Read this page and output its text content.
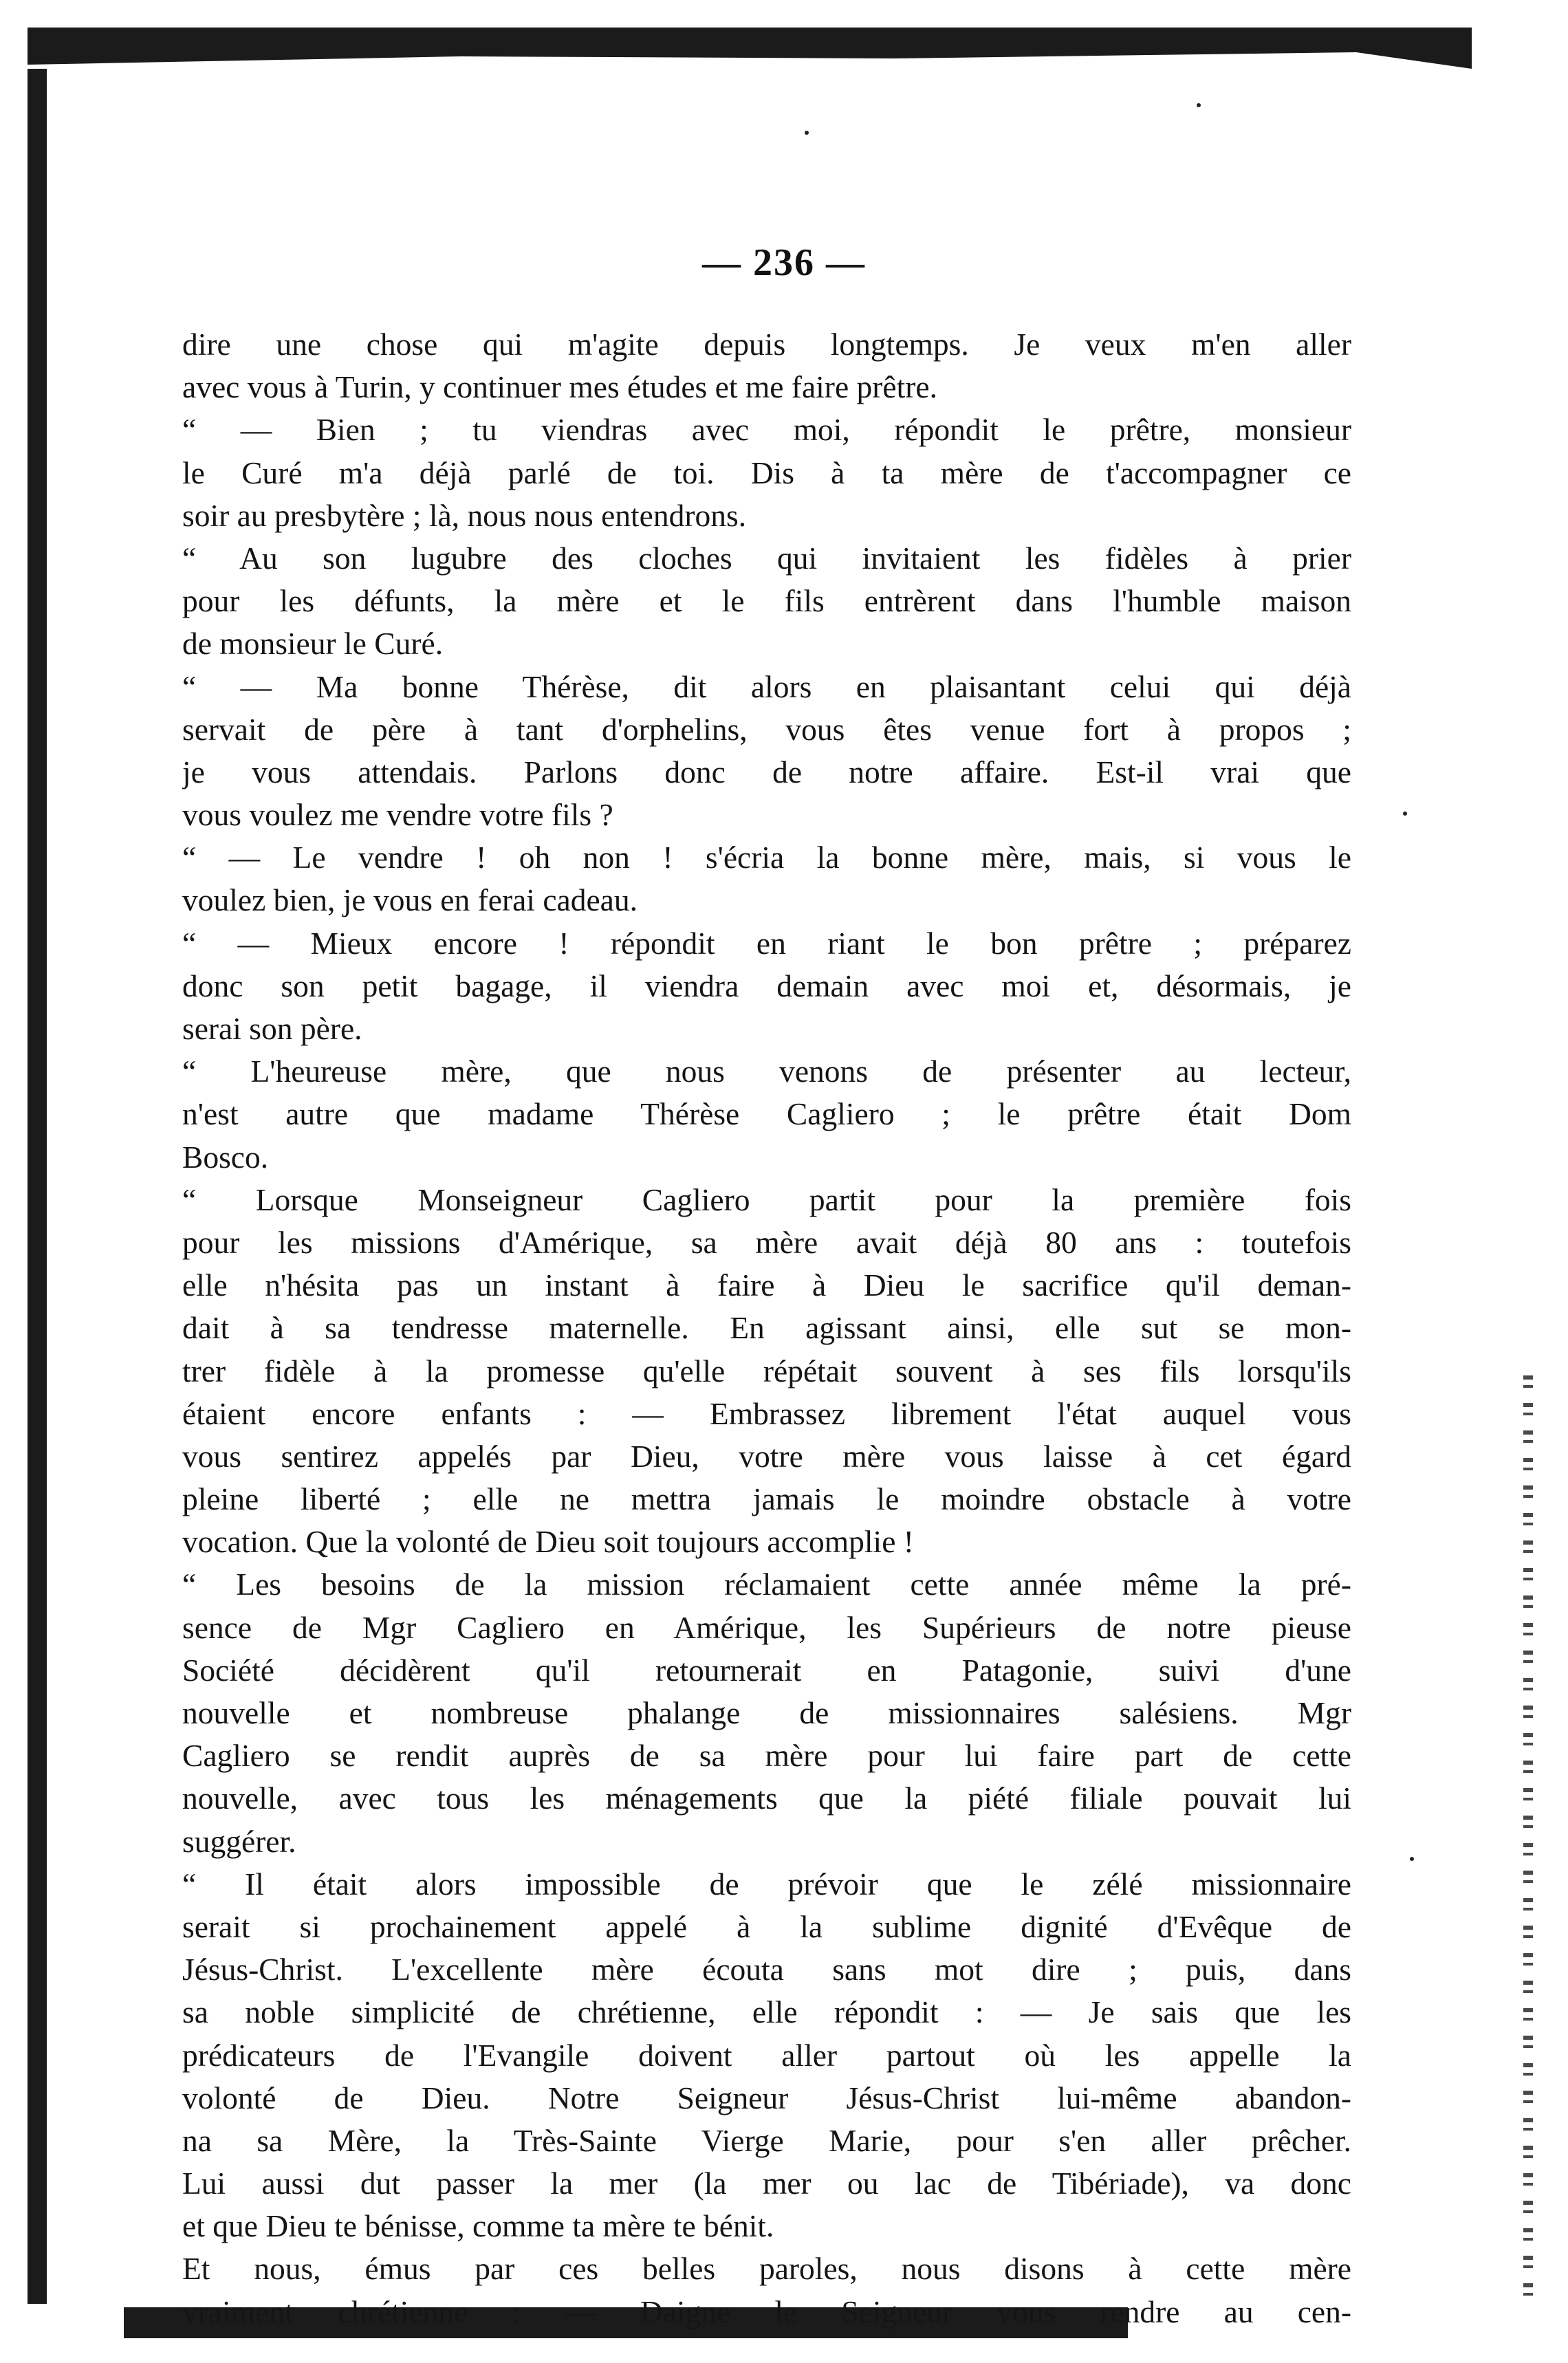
— 236 —
dire une chose qui m'agite depuis longtemps. Je veux m'en aller
avec vous à Turin, y continuer mes études et me faire prêtre.
“ — Bien ; tu viendras avec moi, répondit le prêtre, monsieur
le Curé m'a déjà parlé de toi. Dis à ta mère de t'accompagner ce
soir au presbytère ; là, nous nous entendrons.
“ Au son lugubre des cloches qui invitaient les fidèles à prier
pour les défunts, la mère et le fils entrèrent dans l'humble maison
de monsieur le Curé.
“ — Ma bonne Thérèse, dit alors en plaisantant celui qui déjà
servait de père à tant d'orphelins, vous êtes venue fort à propos ;
je vous attendais. Parlons donc de notre affaire. Est-il vrai que
vous voulez me vendre votre fils ?
“ — Le vendre ! oh non ! s'écria la bonne mère, mais, si vous le
voulez bien, je vous en ferai cadeau.
“ — Mieux encore ! répondit en riant le bon prêtre ; préparez
donc son petit bagage, il viendra demain avec moi et, désormais, je
serai son père.
“ L'heureuse mère, que nous venons de présenter au lecteur,
n'est autre que madame Thérèse Cagliero ; le prêtre était Dom
Bosco.
“ Lorsque Monseigneur Cagliero partit pour la première fois
pour les missions d'Amérique, sa mère avait déjà 80 ans : toutefois
elle n'hésita pas un instant à faire à Dieu le sacrifice qu'il deman-
dait à sa tendresse maternelle. En agissant ainsi, elle sut se mon-
trer fidèle à la promesse qu'elle répétait souvent à ses fils lorsqu'ils
étaient encore enfants : — Embrassez librement l'état auquel vous
vous sentirez appelés par Dieu, votre mère vous laisse à cet égard
pleine liberté ; elle ne mettra jamais le moindre obstacle à votre
vocation. Que la volonté de Dieu soit toujours accomplie !
“ Les besoins de la mission réclamaient cette année même la pré-
sence de Mgr Cagliero en Amérique, les Supérieurs de notre pieuse
Société décidèrent qu'il retournerait en Patagonie, suivi d'une
nouvelle et nombreuse phalange de missionnaires salésiens. Mgr
Cagliero se rendit auprès de sa mère pour lui faire part de cette
nouvelle, avec tous les ménagements que la piété filiale pouvait lui
suggérer.
“ Il était alors impossible de prévoir que le zélé missionnaire
serait si prochainement appelé à la sublime dignité d'Evêque de
Jésus-Christ. L'excellente mère écouta sans mot dire ; puis, dans
sa noble simplicité de chrétienne, elle répondit : — Je sais que les
prédicateurs de l'Evangile doivent aller partout où les appelle la
volonté de Dieu. Notre Seigneur Jésus-Christ lui-même abandon-
na sa Mère, la Très-Sainte Vierge Marie, pour s'en aller prêcher.
Lui aussi dut passer la mer (la mer ou lac de Tibériade), va donc
et que Dieu te bénisse, comme ta mère te bénit.
Et nous, émus par ces belles paroles, nous disons à cette mère
vraiment chrétienne : — Daigne le Seigneur vous rendre au cen-
